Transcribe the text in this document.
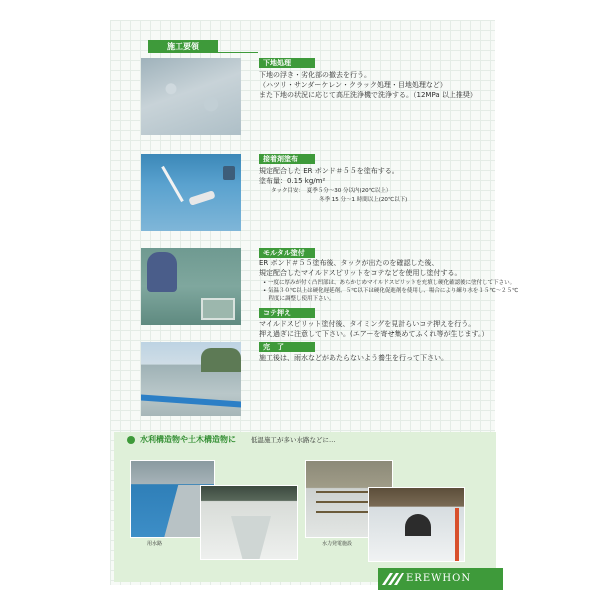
施工要領
下地処理
下地の浮き・劣化部の撤去を行う。
（ハツリ・サンダーケレン・クラック処理・目地処理など）
また下地の状況に応じて高圧洗浄機で洗浄する。（12MPa 以上推奨）
接着剤塗布
規定配合した ER ボンド＃５５を塗布する。
塗布量：0.15 kg/m²
タック目安：　夏季５分〜30 分以内(20℃以上）
冬季 15 分〜1 時間以上(20℃以下)
モルタル塗付
ER ボンド＃５５塗布後、タックが出たのを確認した後、
規定配合したマイルドスピリットをコテなどを使用し塗付する。
• 一度に厚みが付く凸凹部は、あらかじめマイルドスピリットを充填し硬化確認後に塗付して下さい。
• 気温３０℃以上は硬化遅延剤、５℃以下は硬化促進剤を使用し、場合により練り水を１５℃〜２５℃
　程度に調整し使用下さい。
コテ押え
マイルドスピリット塗付後、タイミングを見計らいコテ押えを行う。
押え過ぎに注意して下さい。(エアーを寄せ集めてふくれ等が生じます。）
完　了
施工後は、雨水などがあたらないよう養生を行って下さい。
水利構造物や土木構造物に 低温施工が多い水路などに…
用水路	水力発電施設
EREWHON
